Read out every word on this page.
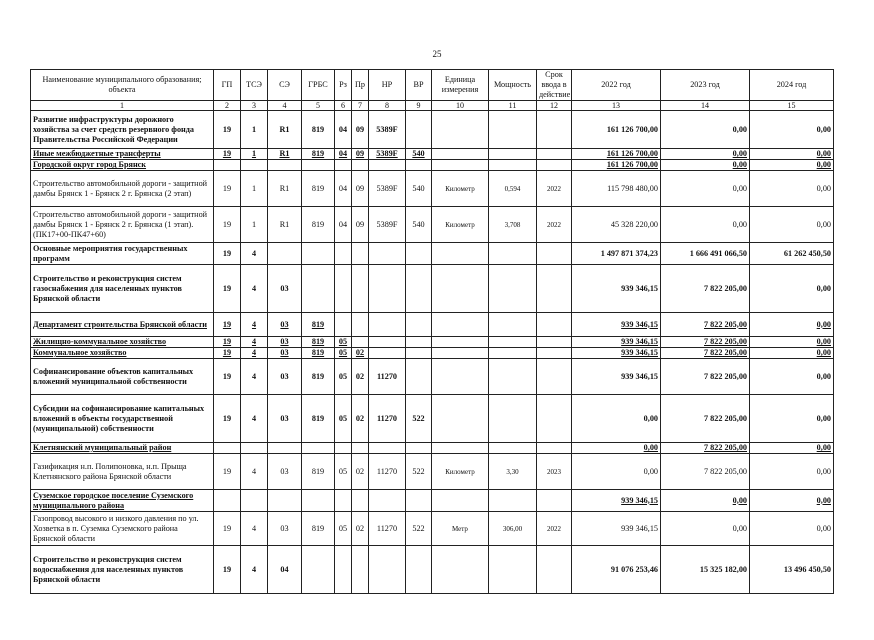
25
Наименование муниципального образования; объекта	ГП	ТСЭ	СЭ	ГРБС	Рз	Пр	НР	ВР	Единица измерения	Мощность	Срок ввода в действие	2022 год	2023 год	2024 год
1	2	3	4	5	6	7	8	9	10	11	12	13	14	15
Развитие инфраструктуры дорожного хозяйства за счет средств резервного фонда Правительства Российской Федерации	19	1	R1	819	04	09	5389F					161 126 700,00	0,00	0,00
Иные межбюджетные трансферты	19	1	R1	819	04	09	5389F	540				161 126 700,00	0,00	0,00
Городской округ город Брянск												161 126 700,00	0,00	0,00
Строительство автомобильной дороги - защитной дамбы Брянск 1 - Брянск 2 г. Брянска (2 этап)	19	1	R1	819	04	09	5389F	540	Километр	0,594	2022	115 798 480,00	0,00	0,00
Строительство автомобильной дороги - защитной дамбы Брянск 1 - Брянск 2 г. Брянска (1 этап). (ПК17+00-ПК47+60)	19	1	R1	819	04	09	5389F	540	Километр	3,708	2022	45 328 220,00	0,00	0,00
Основные мероприятия государственных программ	19	4										1 497 871 374,23	1 666 491 066,50	61 262 450,50
Строительство и реконструкция систем газоснабжения для населенных пунктов Брянской области	19	4	03									939 346,15	7 822 205,00	0,00
Департамент строительства Брянской области	19	4	03	819								939 346,15	7 822 205,00	0,00
Жилищно-коммунальное хозяйство	19	4	03	819	05							939 346,15	7 822 205,00	0,00
Коммунальное хозяйство	19	4	03	819	05	02						939 346,15	7 822 205,00	0,00
Софинансирование объектов капитальных вложений муниципальной собственности	19	4	03	819	05	02	11270					939 346,15	7 822 205,00	0,00
Субсидии на софинансирование капитальных вложений в объекты государственной (муниципальной) собственности	19	4	03	819	05	02	11270	522				0,00	7 822 205,00	0,00
Клетнянский муниципальный район												0,00	7 822 205,00	0,00
Газификация н.п. Полипоновка, н.п. Прыща Клетнянского района Брянской области	19	4	03	819	05	02	11270	522	Километр	3,30	2023	0,00	7 822 205,00	0,00
Суземское городское поселение Суземского муниципального района												939 346,15	0,00	0,00
Газопровод высокого и низкого давления по ул. Хозветка в п. Суземка Суземского района Брянской области	19	4	03	819	05	02	11270	522	Метр	306,00	2022	939 346,15	0,00	0,00
Строительство и реконструкция систем водоснабжения для населенных пунктов Брянской области	19	4	04									91 076 253,46	15 325 182,00	13 496 450,50
